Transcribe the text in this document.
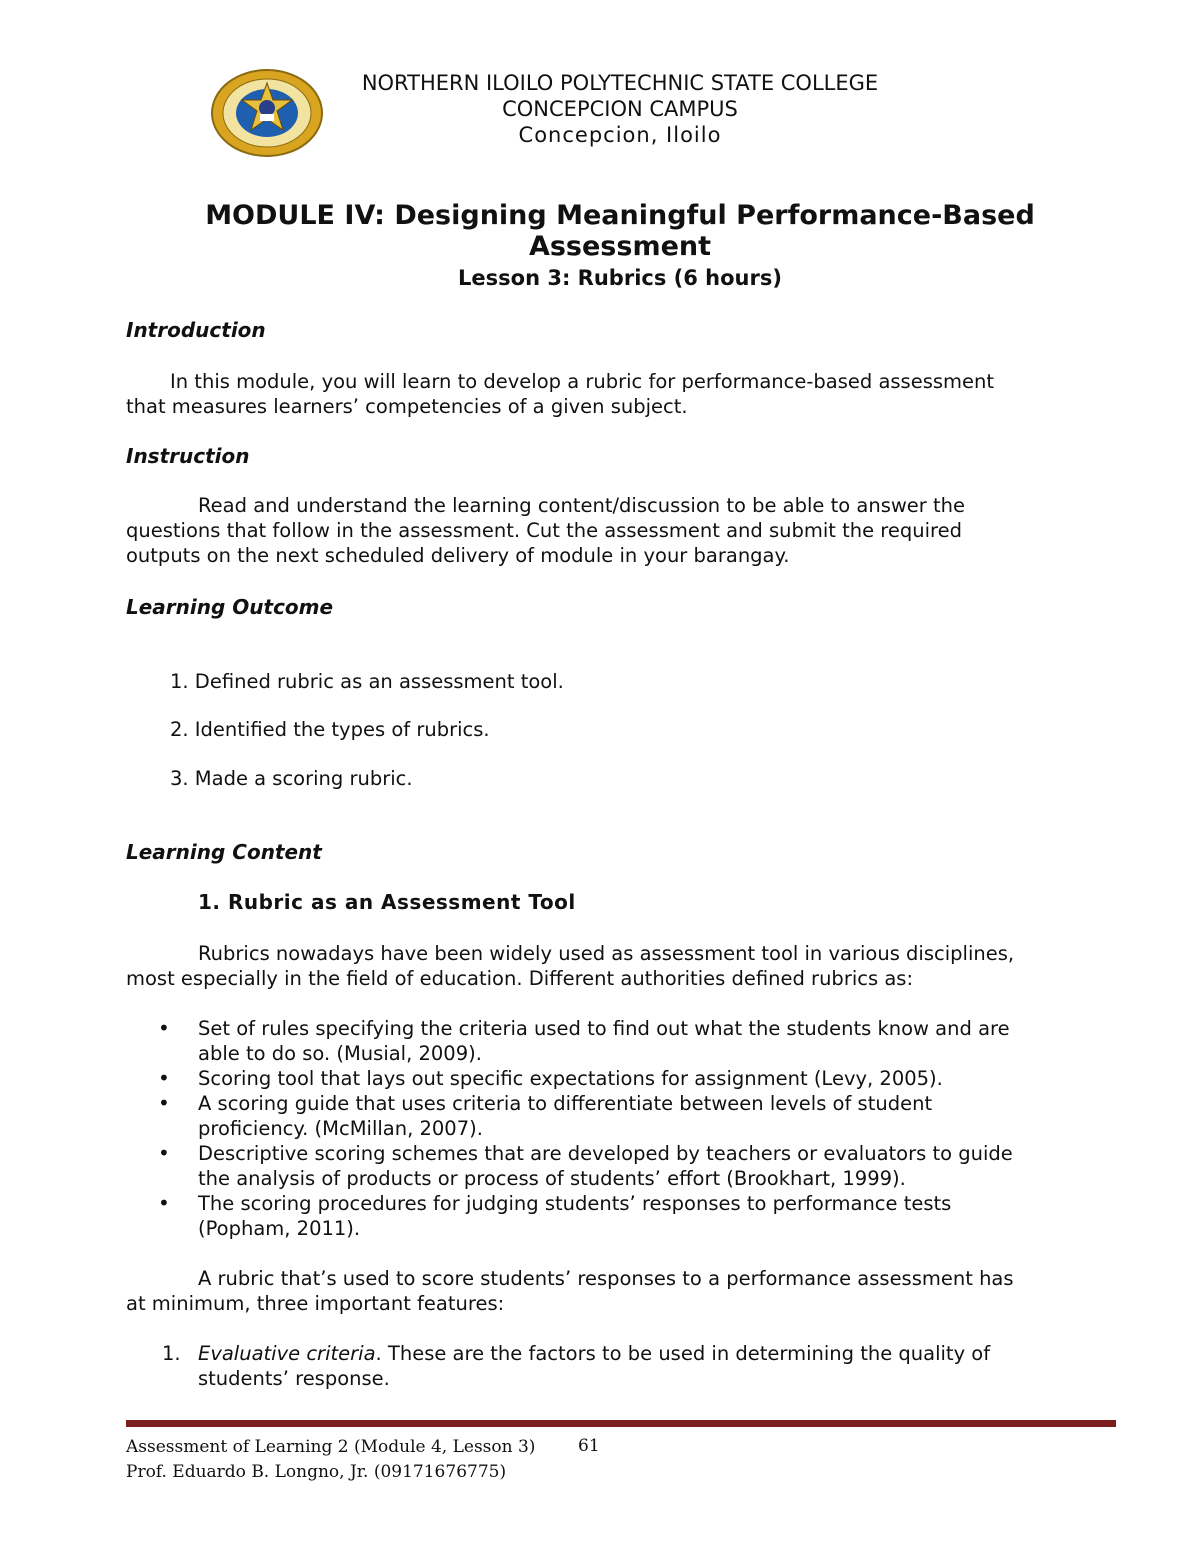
NORTHERN ILOILO POLYTECHNIC STATE COLLEGE
CONCEPCION CAMPUS
Concepcion, Iloilo
MODULE IV: Designing Meaningful Performance-Based
Assessment
Lesson 3: Rubrics (6 hours)
Introduction
In this module, you will learn to develop a rubric for performance-based assessment
that measures learners’ competencies of a given subject.
Instruction
Read and understand the learning content/discussion to be able to answer the
questions that follow in the assessment. Cut the assessment and submit the required
outputs on the next scheduled delivery of module in your barangay.
Learning Outcome
1. Defined rubric as an assessment tool.
2. Identified the types of rubrics.
3. Made a scoring rubric.
Learning Content
1. Rubric as an Assessment Tool
Rubrics nowadays have been widely used as assessment tool in various disciplines,
most especially in the field of education. Different authorities defined rubrics as:
• Set of rules specifying the criteria used to find out what the students know and are
able to do so. (Musial, 2009).
• Scoring tool that lays out specific expectations for assignment (Levy, 2005).
• A scoring guide that uses criteria to differentiate between levels of student
proficiency. (McMillan, 2007).
• Descriptive scoring schemes that are developed by teachers or evaluators to guide
the analysis of products or process of students’ effort (Brookhart, 1999).
• The scoring procedures for judging students’ responses to performance tests
(Popham, 2011).
A rubric that’s used to score students’ responses to a performance assessment has
at minimum, three important features:
1. Evaluative criteria. These are the factors to be used in determining the quality of
students’ response.
Assessment of Learning 2 (Module 4, Lesson 3)	61
Prof. Eduardo B. Longno, Jr. (09171676775)
